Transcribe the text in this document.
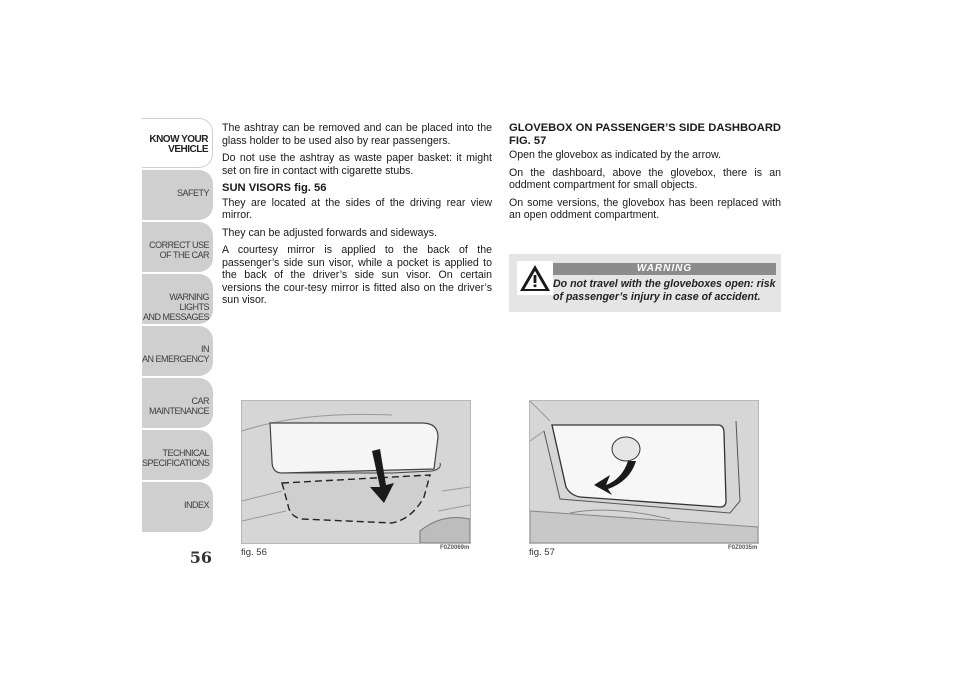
KNOW YOUR
VEHICLE
SAFETY
CORRECT USE
OF THE CAR
WARNING LIGHTS
AND MESSAGES
IN
AN EMERGENCY
CAR
MAINTENANCE
TECHNICAL
SPECIFICATIONS
INDEX
56

The ashtray can be removed and can be placed into the glass holder to be used also by rear passengers.

Do not use the ashtray as waste paper basket: it might set on fire in contact with cigarette stubs.

SUN VISORS fig. 56

They are located at the sides of the driving rear view mirror.

They can be adjusted forwards and sideways.

A courtesy mirror is applied to the back of the passenger’s side sun visor, while a pocket is applied to the back of the driver’s side sun visor. On certain versions the cour-tesy mirror is fitted also on the driver’s sun visor.

GLOVEBOX ON PASSENGER’S SIDE DASHBOARD FIG. 57

Open the glovebox as indicated by the arrow.

On the dashboard, above the glovebox, there is an oddment compartment for small objects.

On some versions, the glovebox has been replaced with an open oddment compartment.

WARNING
Do not travel with the gloveboxes open: risk of passenger’s injury in case of accident.
fig. 56	F0Z0069m	fig. 57	F0Z0035m
